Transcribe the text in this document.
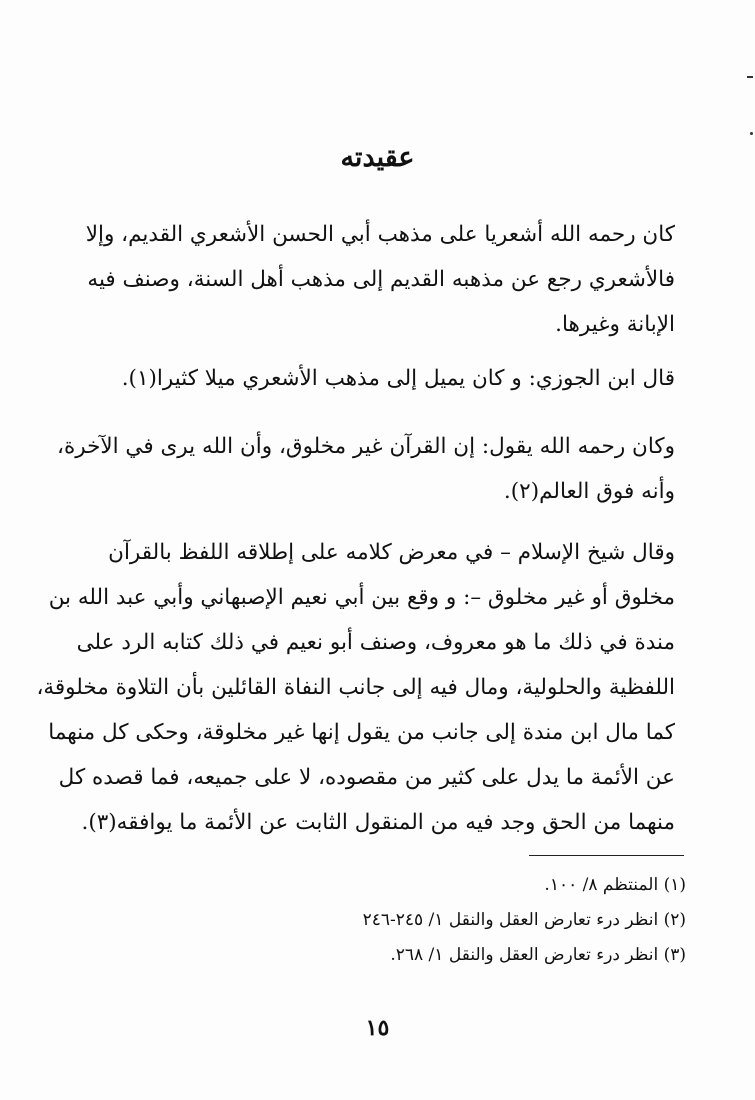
عقيدته
كان رحمه الله أشعريا على مذهب أبي الحسن الأشعري القديم، وإلا
فالأشعري رجع عن مذهبه القديم إلى مذهب أهل السنة، وصنف فيه
الإبانة وغيرها.
قال ابن الجوزي: و كان يميل إلى مذهب الأشعري ميلا كثيرا(١).
وكان رحمه الله يقول: إن القرآن غير مخلوق، وأن الله يرى في الآخرة،
وأنه فوق العالم(٢).
وقال شيخ الإسلام – في معرض كلامه على إطلاقه اللفظ بالقرآن
مخلوق أو غير مخلوق –: و وقع بين أبي نعيم الإصبهاني وأبي عبد الله بن
مندة في ذلك ما هو معروف، وصنف أبو نعيم في ذلك كتابه الرد على
اللفظية والحلولية، ومال فيه إلى جانب النفاة القائلين بأن التلاوة مخلوقة،
كما مال ابن مندة إلى جانب من يقول إنها غير مخلوقة، وحكى كل منهما
عن الأئمة ما يدل على كثير من مقصوده، لا على جميعه، فما قصده كل
منهما من الحق وجد فيه من المنقول الثابت عن الأئمة ما يوافقه(٣).
(١) المنتظم ٨/ ١٠٠.
(٢) انظر درء تعارض العقل والنقل ١/ ٢٤٥-٢٤٦
(٣) انظر درء تعارض العقل والنقل ١/ ٢٦٨.
١٥
